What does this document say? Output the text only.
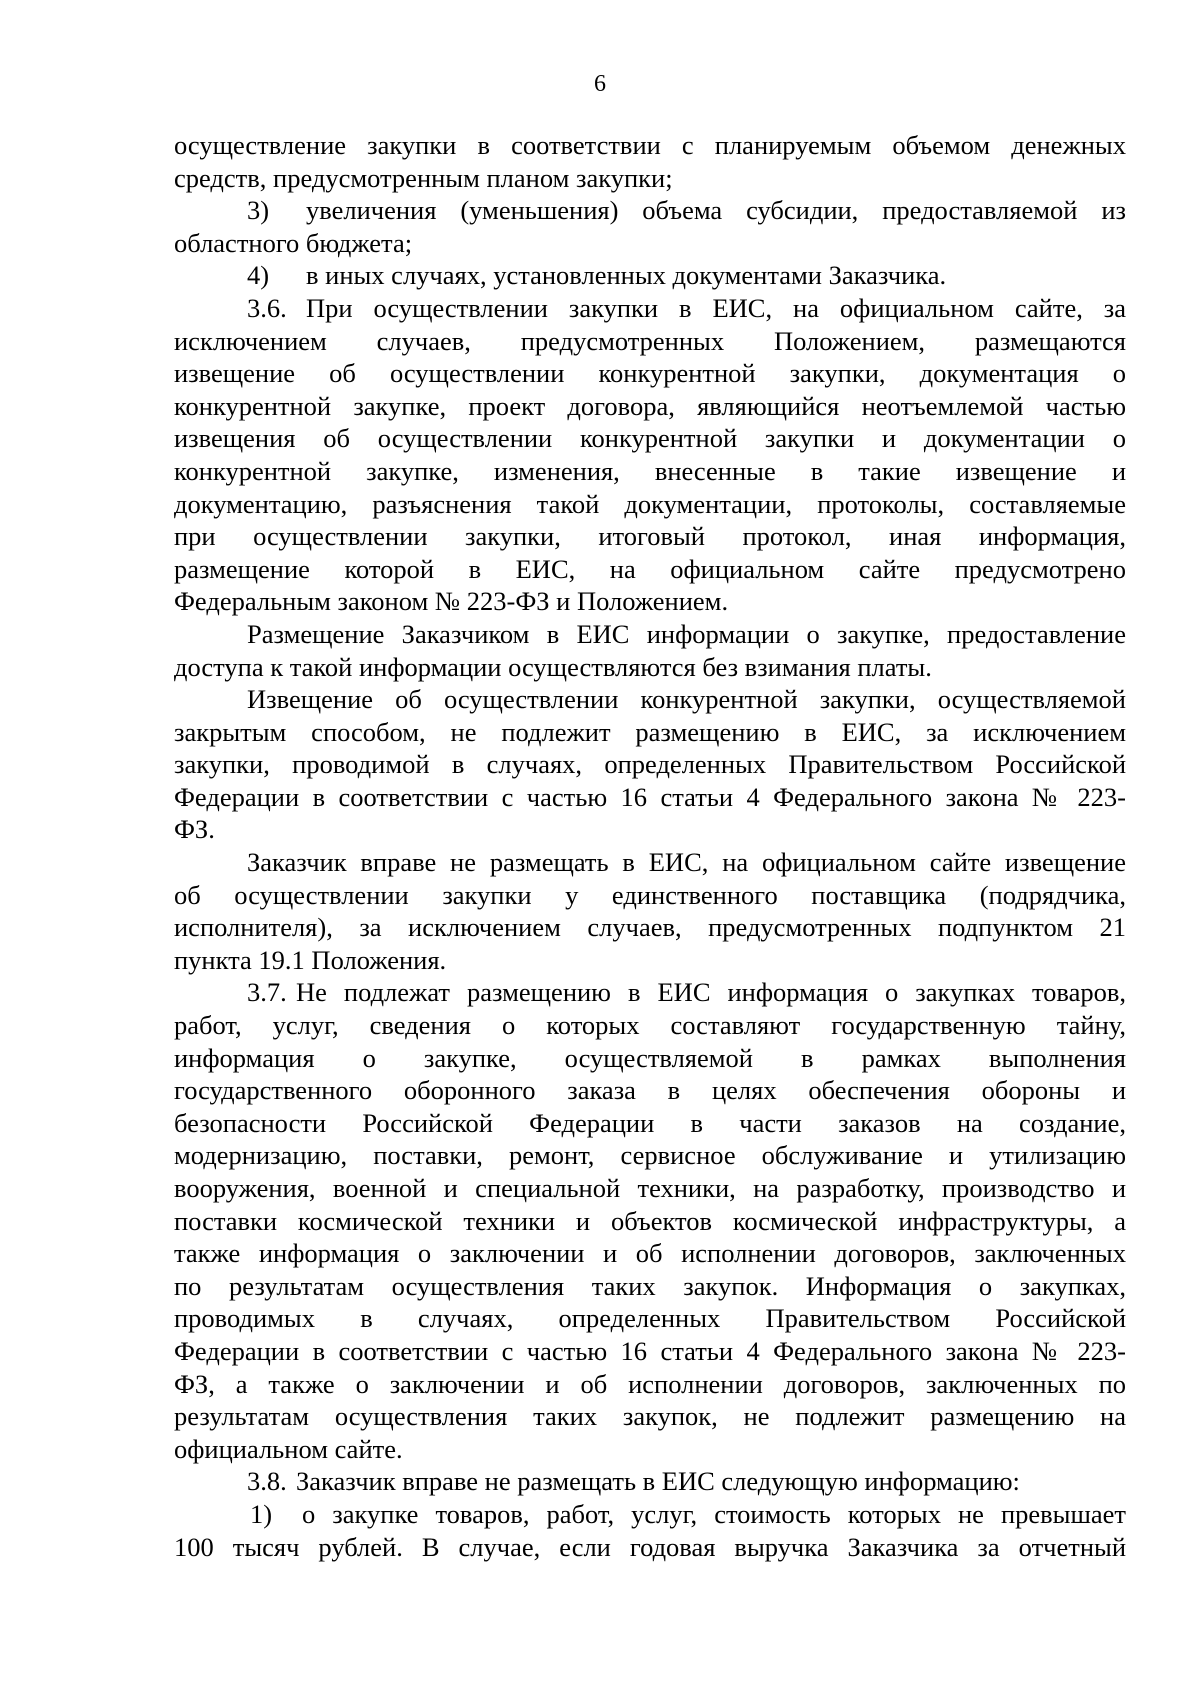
6
осуществление закупки в соответствии с планируемым объемом денежных
средств, предусмотренным планом закупки;
3) увеличения (уменьшения) объема субсидии, предоставляемой из
областного бюджета;
4) в иных случаях, установленных документами Заказчика.
3.6. При осуществлении закупки в ЕИС, на официальном сайте, за
исключением случаев, предусмотренных Положением, размещаются
извещение об осуществлении конкурентной закупки, документация о
конкурентной закупке, проект договора, являющийся неотъемлемой частью
извещения об осуществлении конкурентной закупки и документации о
конкурентной закупке, изменения, внесенные в такие извещение и
документацию, разъяснения такой документации, протоколы, составляемые
при осуществлении закупки, итоговый протокол, иная информация,
размещение которой в ЕИС, на официальном сайте предусмотрено
Федеральным законом № 223-ФЗ и Положением.
Размещение Заказчиком в ЕИС информации о закупке, предоставление
доступа к такой информации осуществляются без взимания платы.
Извещение об осуществлении конкурентной закупки, осуществляемой
закрытым способом, не подлежит размещению в ЕИС, за исключением
закупки, проводимой в случаях, определенных Правительством Российской
Федерации в соответствии с частью 16 статьи 4 Федерального закона № 223-
ФЗ.
Заказчик вправе не размещать в ЕИС, на официальном сайте извещение
об осуществлении закупки у единственного поставщика (подрядчика,
исполнителя), за исключением случаев, предусмотренных подпунктом 21
пункта 19.1 Положения.
3.7. Не подлежат размещению в ЕИС информация о закупках товаров,
работ, услуг, сведения о которых составляют государственную тайну,
информация о закупке, осуществляемой в рамках выполнения
государственного оборонного заказа в целях обеспечения обороны и
безопасности Российской Федерации в части заказов на создание,
модернизацию, поставки, ремонт, сервисное обслуживание и утилизацию
вооружения, военной и специальной техники, на разработку, производство и
поставки космической техники и объектов космической инфраструктуры, а
также информация о заключении и об исполнении договоров, заключенных
по результатам осуществления таких закупок. Информация о закупках,
проводимых в случаях, определенных Правительством Российской
Федерации в соответствии с частью 16 статьи 4 Федерального закона № 223-
ФЗ, а также о заключении и об исполнении договоров, заключенных по
результатам осуществления таких закупок, не подлежит размещению на
официальном сайте.
3.8. Заказчик вправе не размещать в ЕИС следующую информацию:
1) о закупке товаров, работ, услуг, стоимость которых не превышает
100 тысяч рублей. В случае, если годовая выручка Заказчика за отчетный
